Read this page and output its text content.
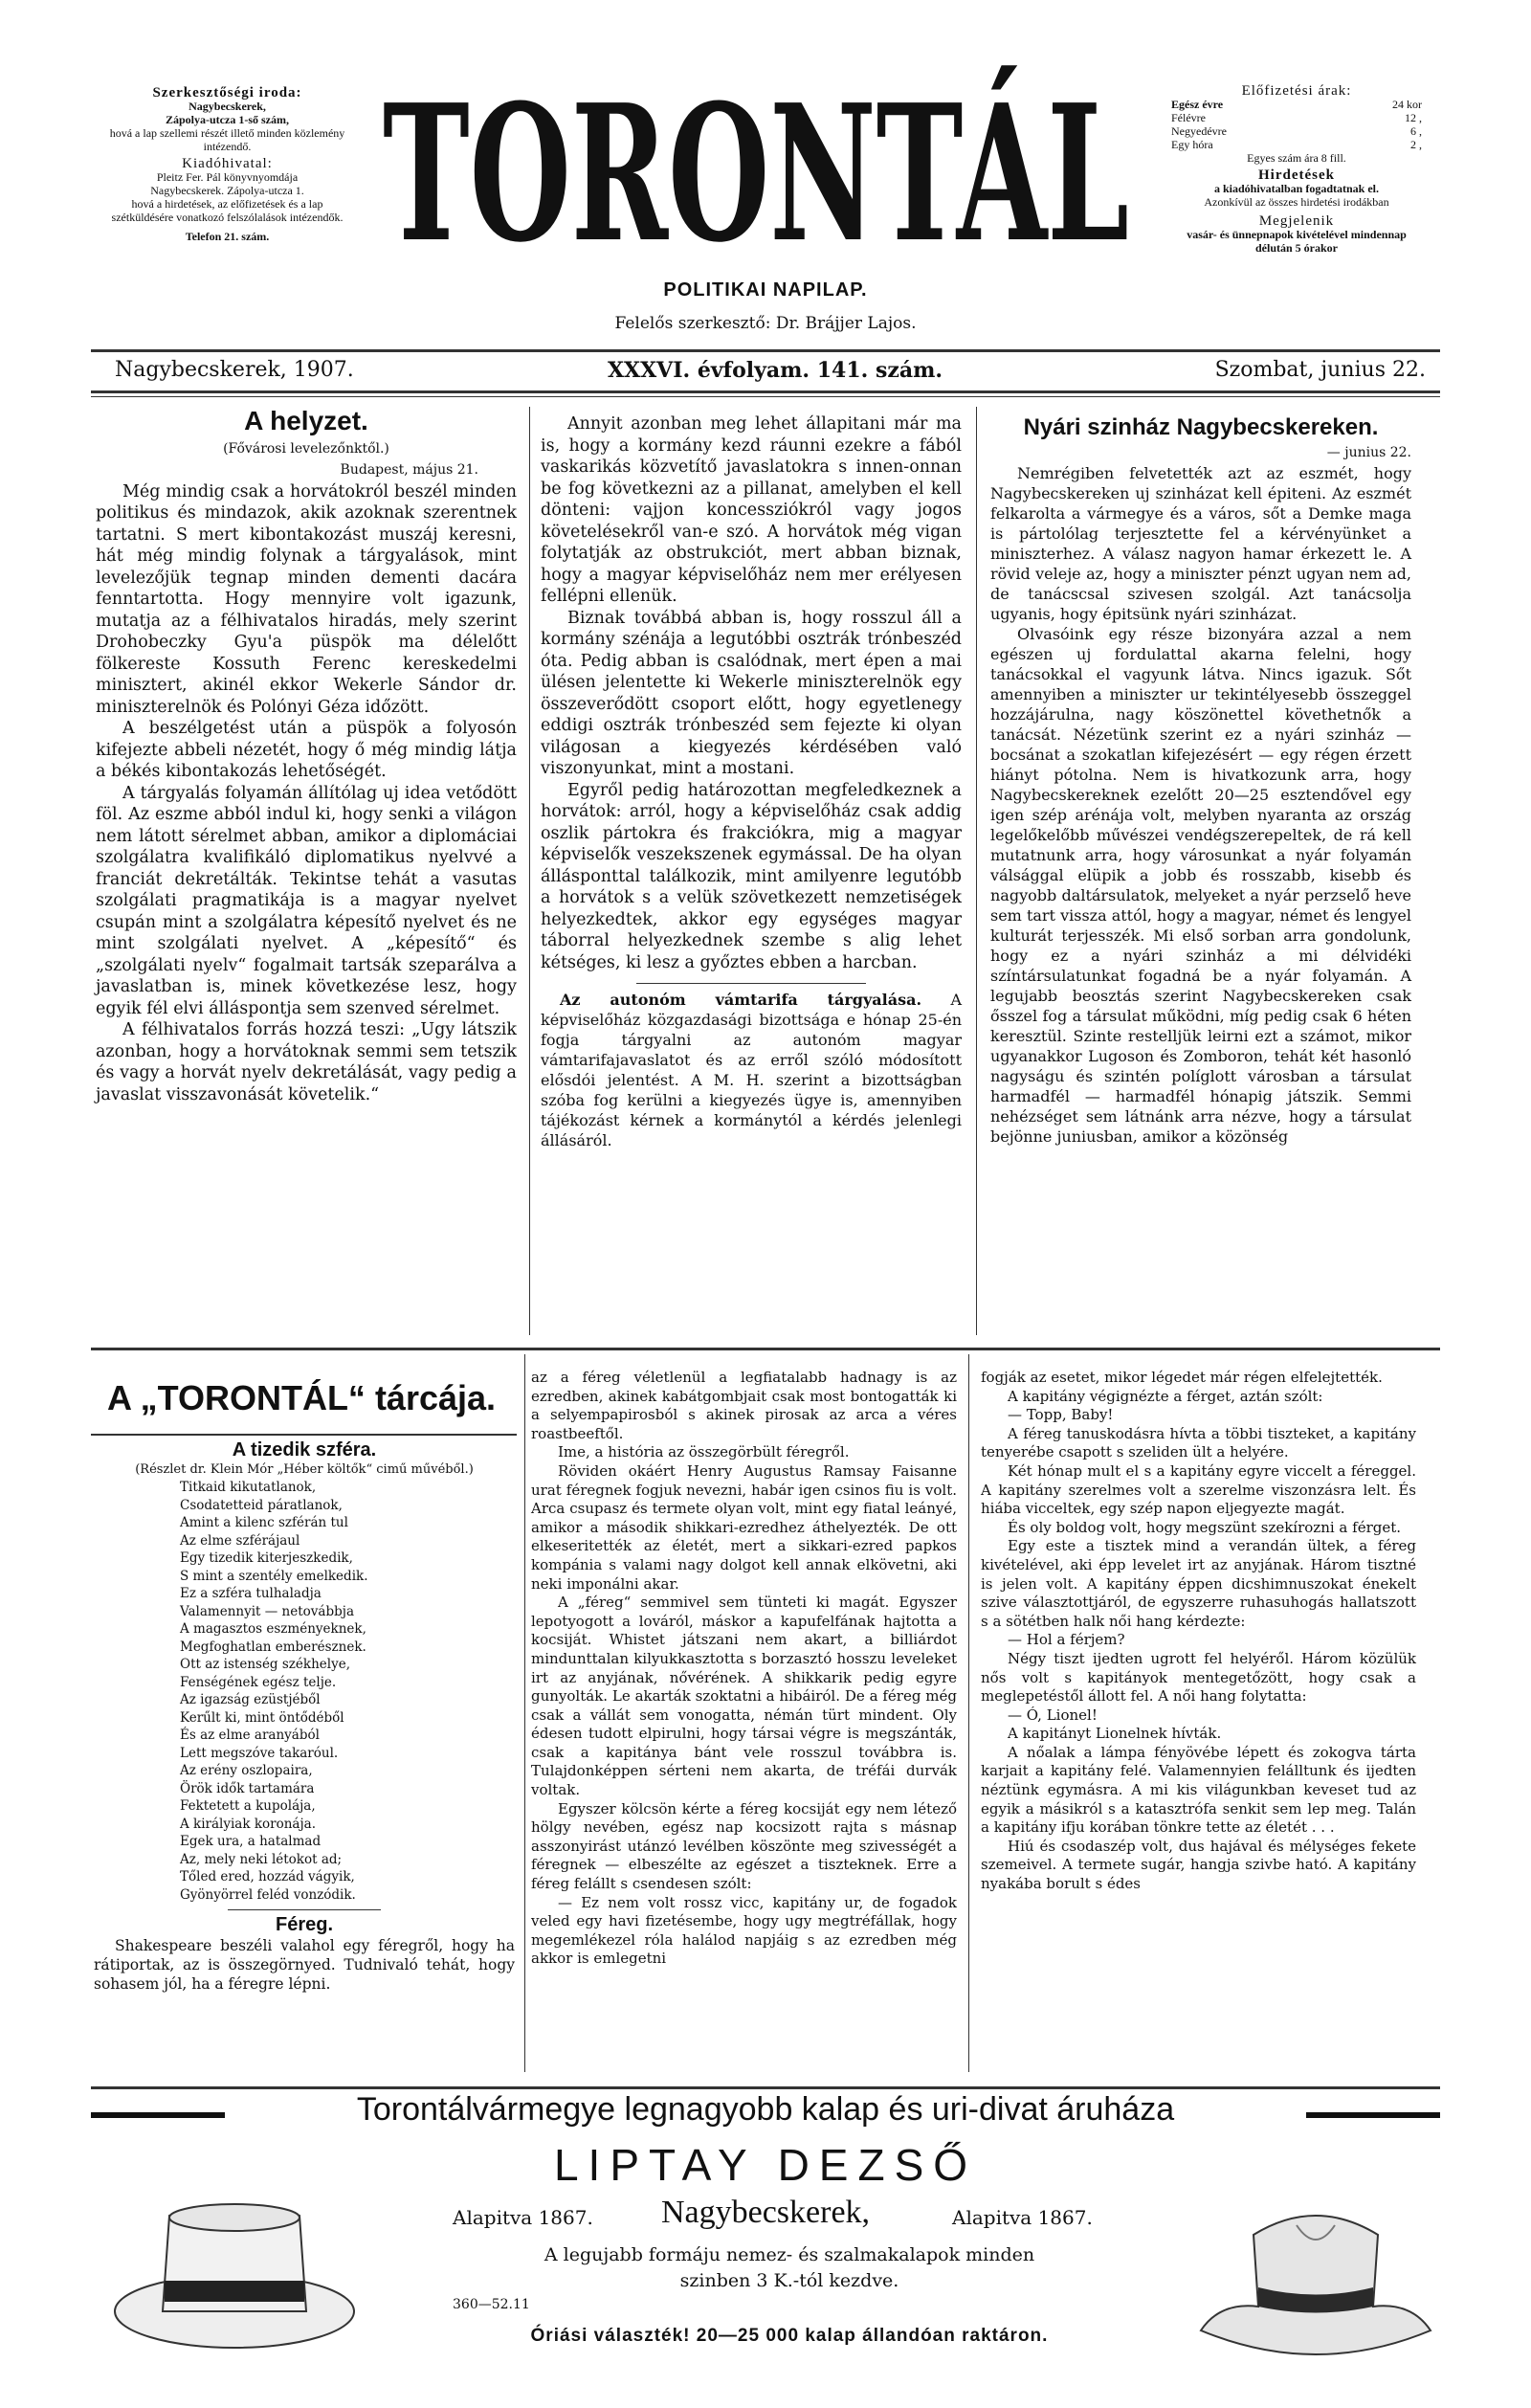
Szerkesztőségi iroda:
Nagybecskerek,
Zápolya-utcza 1-ső szám,
hová a lap szellemi részét illető minden közlemény intézendő.
Kiadóhivatal:
Pleitz Fer. Pál könyvnyomdája
Nagybecskerek. Zápolya-utcza 1.
hová a hirdetések, az előfizetések és a lap szétküldésére vonatkozó felszólalások intézendők.
Telefon 21. szám. TORONTÁL
POLITIKAI NAPILAP.
Felelős szerkesztő: Dr. Brájjer Lajos.
Előfizetési árak:
Egész évre	24 kor
Félévre	12 ,
Negyedévre	6 ,
Egy hóra	2 ,
Egyes szám ára 8 fill.
Hirdetések
a kiadóhivatalban fogadtatnak el.
Azonkívül az összes hirdetési irodákban
Megjelenik
vasár- és ünnepnapok kivételével mindennap délután 5 órakor
Nagybecskerek, 1907.	XXXVI. évfolyam. 141. szám.	Szombat, junius 22.
A helyzet.

(Fővárosi levelezőnktől.)

Budapest, május 21.

Még mindig csak a horvátokról beszél minden politikus és mindazok, akik azoknak szerentnek tartatni. S mert kibontakozást muszáj keresni, hát még mindig folynak a tárgyalások, mint levelezőjük tegnap minden dementi dacára fenntartotta. Hogy mennyire volt igazunk, mutatja az a félhivatalos hiradás, mely szerint Drohobeczky Gyu'a püspök ma délelőtt fölkereste Kossuth Ferenc kereskedelmi minisztert, akinél ekkor Wekerle Sándor dr. miniszterelnök és Polónyi Géza időzött.

A beszélgetést után a püspök a folyosón kifejezte abbeli nézetét, hogy ő még mindig látja a békés kibontakozás lehetőségét.

A tárgyalás folyamán állítólag uj idea vetődött föl. Az eszme abból indul ki, hogy senki a világon nem látott sérelmet abban, amikor a diplomáciai szolgálatra kvalifikáló diplomatikus nyelvvé a franciát dekretálták. Tekintse tehát a vasutas szolgálati pragmatikája is a magyar nyelvet csupán mint a szolgálatra képesítő nyelvet és ne mint szolgálati nyelvet. A „képesítő“ és „szolgálati nyelv“ fogalmait tartsák szeparálva a javaslatban is, minek következése lesz, hogy egyik fél elvi álláspontja sem szenved sérelmet.

A félhivatalos forrás hozzá teszi: „Ugy látszik azonban, hogy a horvátoknak semmi sem tetszik és vagy a horvát nyelv dekretálását, vagy pedig a javaslat visszavonását követelik.“

Annyit azonban meg lehet állapitani már ma is, hogy a kormány kezd ráunni ezekre a fából vaskarikás közvetítő javaslatokra s innen-onnan be fog következni az a pillanat, amelyben el kell dönteni: vajjon koncessziókról vagy jogos követelésekről van-e szó. A horvátok még vigan folytatják az obstrukciót, mert abban biznak, hogy a magyar képviselőház nem mer erélyesen fellépni ellenük.

Biznak továbbá abban is, hogy rosszul áll a kormány szénája a legutóbbi osztrák trónbeszéd óta. Pedig abban is csalódnak, mert épen a mai ülésen jelentette ki Wekerle miniszterelnök egy összeverődött csoport előtt, hogy egyetlenegy eddigi osztrák trónbeszéd sem fejezte ki olyan világosan a kiegyezés kérdésében való viszonyunkat, mint a mostani.

Egyről pedig határozottan megfeledkeznek a horvátok: arról, hogy a képviselőház csak addig oszlik pártokra és frakciókra, mig a magyar képviselők veszekszenek egymással. De ha olyan állásponttal találkozik, mint amilyenre legutóbb a horvátok s a velük szövetkezett nemzetiségek helyezkedtek, akkor egy egységes magyar táborral helyezkednek szembe s alig lehet kétséges, ki lesz a győztes ebben a harcban.

Az autonóm vámtarifa tárgyalása. A képviselőház közgazdasági bizottsága e hónap 25-én fogja tárgyalni az autonóm magyar vámtarifajavaslatot és az erről szóló módosított elősdói jelentést. A M. H. szerint a bizottságban szóba fog kerülni a kiegyezés ügye is, amennyiben tájékozást kérnek a kormánytól a kérdés jelenlegi állásáról.
Nyári szinház Nagybecskereken.

— junius 22.

Nemrégiben felvetették azt az eszmét, hogy Nagybecskereken uj szinházat kell épiteni. Az eszmét felkarolta a vármegye és a város, sőt a Demke maga is pártolólag terjesztette fel a kérvényünket a miniszterhez. A válasz nagyon hamar érkezett le. A rövid veleje az, hogy a miniszter pénzt ugyan nem ad, de tanácscsal szivesen szolgál. Azt tanácsolja ugyanis, hogy épitsünk nyári szinházat.

Olvasóink egy része bizonyára azzal a nem egészen uj fordulattal akarna felelni, hogy tanácsokkal el vagyunk látva. Nincs igazuk. Sőt amennyiben a miniszter ur tekintélyesebb összeggel hozzájárulna, nagy köszönettel követhetnők a tanácsát. Nézetünk szerint ez a nyári szinház — bocsánat a szokatlan kifejezésért — egy régen érzett hiányt pótolna. Nem is hivatkozunk arra, hogy Nagybecskereknek ezelőtt 20—25 esztendővel egy igen szép arénája volt, melyben nyaranta az ország legelőkelőbb művészei vendégszerepeltek, de rá kell mutatnunk arra, hogy városunkat a nyár folyamán válsággal elüpik a jobb és rosszabb, kisebb és nagyobb daltársulatok, melyeket a nyár perzselő heve sem tart vissza attól, hogy a magyar, német és lengyel kulturát terjesszék. Mi első sorban arra gondolunk, hogy ez a nyári szinház a mi délvidéki színtársulatunkat fogadná be a nyár folyamán. A legujabb beosztás szerint Nagybecskereken csak ősszel fog a társulat működni, míg pedig csak 6 héten keresztül. Szinte restelljük leirni ezt a számot, mikor ugyanakkor Lugoson és Zomboron, tehát két hasonló nagyságu és szintén políglott városban a társulat harmadfél — harmadfél hónapig játszik. Semmi nehézséget sem látnánk arra nézve, hogy a társulat bejönne juniusban, amikor a közönség

A „TORONTÁL“ tárcája.
A tizedik szféra.
(Részlet dr. Klein Mór „Héber költők“ cimű művéből.)
Titkaid kikutatlanok,
Csodatetteid páratlanok,
Amint a kilenc szférán tul
Az elme szférájaul
Egy tizedik kiterjeszkedik,
S mint a szentély emelkedik.
Ez a szféra tulhaladja
Valamennyit — netovábbja
A magasztos eszményeknek,
Megfoghatlan emberésznek.
Ott az istenség székhelye,
Fenségének egész telje.
Az igazság ezüstjéből
Kerűlt ki, mint öntődéből
És az elme aranyából
Lett megszóve takaróul.
Az erény oszlopaira,
Örök idők tartamára
Fektetett a kupolája,
A királyiak koronája.
Egek ura, a hatalmad
Az, mely neki létokot ad;
Tőled ered, hozzád vágyik,
Gyönyörrel feléd vonzódik.
Féreg.
Shakespeare beszéli valahol egy féregről, hogy ha rátiportak, az is összegörnyed. Tudnivaló tehát, hogy sohasem jól, ha a féregre lépni.

az a féreg véletlenül a legfiatalabb hadnagy is az ezredben, akinek kabátgombjait csak most bontogatták ki a selyempapirosból s akinek pirosak az arca a véres roastbeeftől.

Ime, a história az összegörbült féregről.

Röviden okáért Henry Augustus Ramsay Faisanne urat féregnek fogjuk nevezni, habár igen csinos fiu is volt. Arca csupasz és termete olyan volt, mint egy fiatal leányé, amikor a második shikkari-ezredhez áthelyezték. De ott elkeseritették az életét, mert a sikkari-ezred papkos kompánia s valami nagy dolgot kell annak elkövetni, aki neki imponálni akar.

A „féreg“ semmivel sem tünteti ki magát. Egyszer lepotyogott a lováról, máskor a kapufelfának hajtotta a kocsiját. Whistet játszani nem akart, a billiárdot mindunttalan kilyukkasztotta s borzasztó hosszu leveleket irt az anyjának, nővérének. A shikkarik pedig egyre gunyolták. Le akarták szoktatni a hibáiról. De a féreg még csak a vállát sem vonogatta, némán türt mindent. Oly édesen tudott elpirulni, hogy társai végre is megszánták, csak a kapitánya bánt vele rosszul továbbra is. Tulajdonképpen sérteni nem akarta, de tréfái durvák voltak.

Egyszer kölcsön kérte a féreg kocsiját egy nem létező hölgy nevében, egész nap kocsizott rajta s másnap asszonyirást utánzó levélben köszönte meg szivességét a féregnek — elbeszélte az egészet a tiszteknek. Erre a féreg felállt s csendesen szólt:

— Ez nem volt rossz vicc, kapitány ur, de fogadok veled egy havi fizetésembe, hogy ugy megtréfállak, hogy megemlékezel róla halálod napjáig s az ezredben még akkor is emlegetni

fogják az esetet, mikor légedet már régen elfelejtették.

A kapitány végignézte a férget, aztán szólt:

— Topp, Baby!

A féreg tanuskodásra hívta a többi tiszteket, a kapitány tenyerébe csapott s szeliden ült a helyére.

Két hónap mult el s a kapitány egyre viccelt a féreggel. A kapitány szerelmes volt a szerelme viszonzásra lelt. És hiába vicceltek, egy szép napon eljegyezte magát.

És oly boldog volt, hogy megszünt szekírozni a férget.

Egy este a tisztek mind a verandán ültek, a féreg kivételével, aki épp levelet irt az anyjának. Három tisztné is jelen volt. A kapitány éppen dicshimnuszokat énekelt szive választottjáról, de egyszerre ruhasuhogás hallatszott s a sötétben halk női hang kérdezte:

— Hol a férjem?

Négy tiszt ijedten ugrott fel helyéről. Három közülük nős volt s kapitányok mentegetőzött, hogy csak a meglepetéstől állott fel. A női hang folytatta:

— Ó, Lionel!

A kapitányt Lionelnek hívták.

A nőalak a lámpa fényövébe lépett és zokogva tárta karjait a kapitány felé. Valamennyien felálltunk és ijedten néztünk egymásra. A mi kis világunkban keveset tud az egyik a másikról s a katasztrófa senkit sem lep meg. Talán a kapitány ifju korában tönkre tette az életét . . .

Hiú és csodaszép volt, dus hajával és mélységes fekete szemeivel. A termete sugár, hangja szivbe ható. A kapitány nyakába borult s édes

Torontálvármegye legnagyobb kalap és uri-divat áruháza
LIPTAY DEZSŐ
Nagybecskerek,
Alapitva 1867.	Alapitva 1867.
A legujabb formáju nemez- és szalmakalapok minden
szinben 3 K.-tól kezdve.
360—52.11
Óriási választék! 20—25 000 kalap állandóan raktáron.
